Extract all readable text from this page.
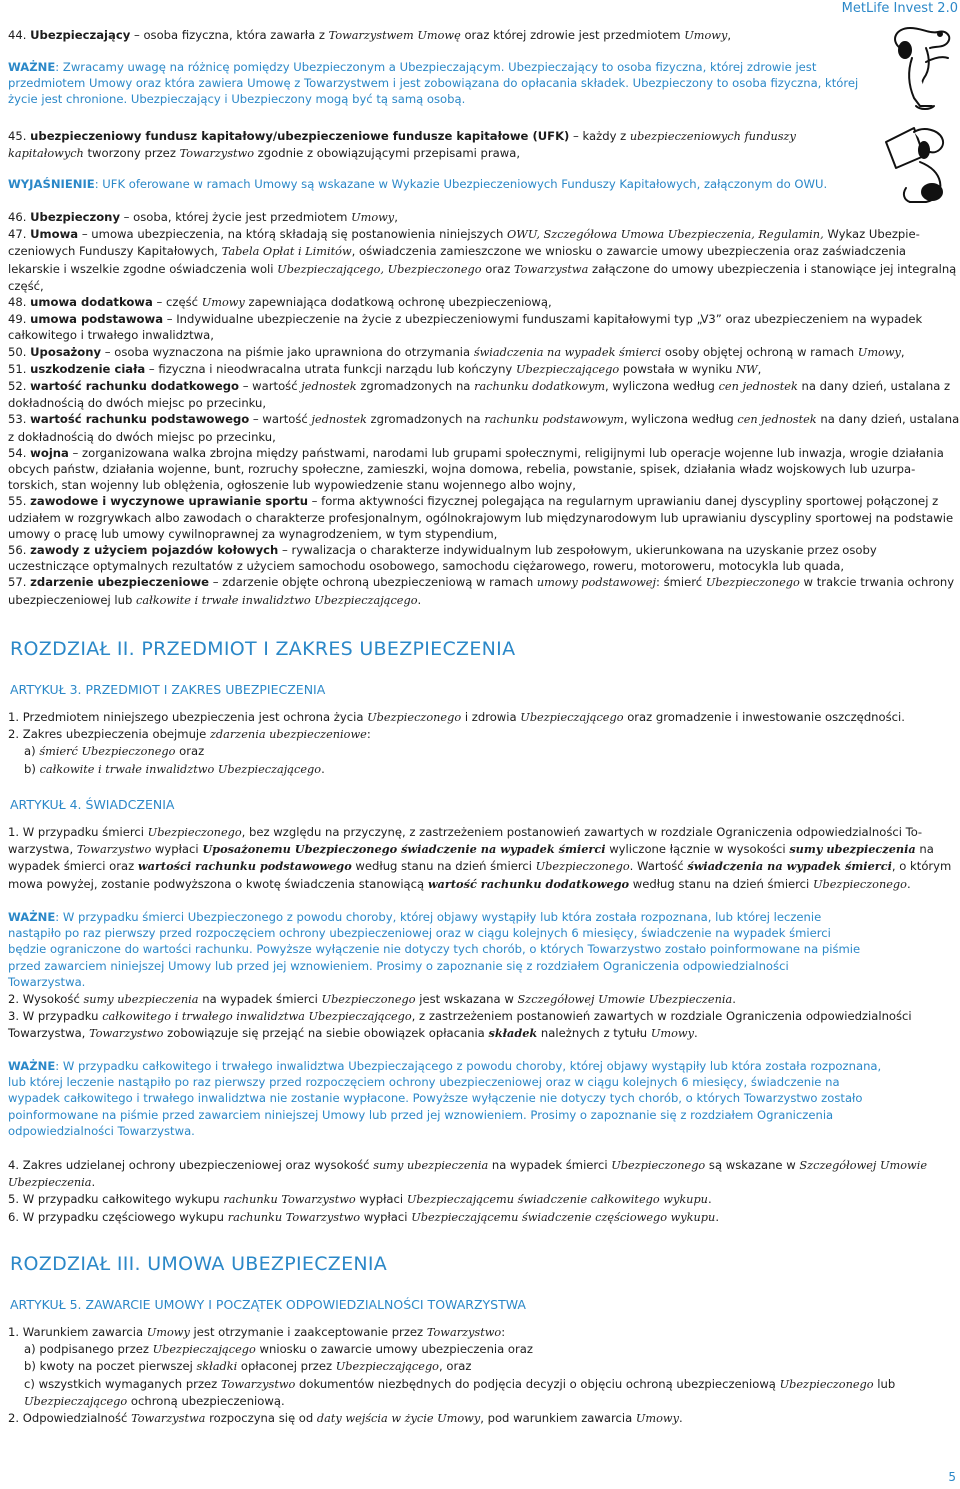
MetLife Invest 2.0
44. Ubezpieczający – osoba fizyczna, która zawarła z Towarzystwem Umowę oraz której zdrowie jest przedmiotem Umowy,
WAŻNE: Zwracamy uwagę na różnicę pomiędzy Ubezpieczonym a Ubezpieczającym. Ubezpieczający to osoba fizyczna, której zdrowie jest przedmiotem Umowy oraz która zawiera Umowę z Towarzystwem i jest zobowiązana do opłacania składek. Ubezpieczony to osoba fizyczna, której życie jest chronione. Ubezpieczający i Ubezpieczony mogą być tą samą osobą.
45. ubezpieczeniowy fundusz kapitałowy/ubezpieczeniowe fundusze kapitałowe (UFK) – każdy z ubezpieczeniowych funduszy kapitałowych tworzony przez Towarzystwo zgodnie z obowiązującymi przepisami prawa,
WYJAŚNIENIE: UFK oferowane w ramach Umowy są wskazane w Wykazie Ubezpieczeniowych Funduszy Kapitałowych, załączonym do OWU.

46. Ubezpieczony – osoba, której życie jest przedmiotem Umowy,

47. Umowa – umowa ubezpieczenia, na którą składają się postanowienia niniejszych OWU, Szczegółowa Umowa Ubezpieczenia, Regulamin, Wykaz Ubezpieczeniowych Funduszy Kapitałowych, Tabela Opłat i Limitów, oświadczenia zamieszczone we wniosku o zawarcie umowy ubezpieczenia oraz zaświadczenia lekarskie i wszelkie zgodne oświadczenia woli Ubezpieczającego, Ubezpieczonego oraz Towarzystwa załączone do umowy ubezpieczenia i stanowiące jej integralną część,

48. umowa dodatkowa – część Umowy zapewniająca dodatkową ochronę ubezpieczeniową,

49. umowa podstawowa – Indywidualne ubezpieczenie na życie z ubezpieczeniowymi funduszami kapitałowymi typ „V3” oraz ubezpieczeniem na wypadek całkowitego i trwałego inwalidztwa,

50. Uposażony – osoba wyznaczona na piśmie jako uprawniona do otrzymania świadczenia na wypadek śmierci osoby objętej ochroną w ramach Umowy,

51. uszkodzenie ciała – fizyczna i nieodwracalna utrata funkcji narządu lub kończyny Ubezpieczającego powstała w wyniku NW,

52. wartość rachunku dodatkowego – wartość jednostek zgromadzonych na rachunku dodatkowym, wyliczona według cen jednostek na dany dzień, ustalana z dokładnością do dwóch miejsc po przecinku,

53. wartość rachunku podstawowego – wartość jednostek zgromadzonych na rachunku podstawowym, wyliczona według cen jednostek na dany dzień, ustalana z dokładnością do dwóch miejsc po przecinku,

54. wojna – zorganizowana walka zbrojna między państwami, narodami lub grupami społecznymi, religijnymi lub operacje wojenne lub inwazja, wrogie działania obcych państw, działania wojenne, bunt, rozruchy społeczne, zamieszki, wojna domowa, rebelia, powstanie, spisek, działania władz wojskowych lub uzurpatorskich, stan wojenny lub oblężenia, ogłoszenie lub wypowiedzenie stanu wojennego albo wojny,

55. zawodowe i wyczynowe uprawianie sportu – forma aktywności fizycznej polegająca na regularnym uprawianiu danej dyscypliny sportowej połączonej z udziałem w rozgrywkach albo zawodach o charakterze profesjonalnym, ogólnokrajowym lub międzynarodowym lub uprawianiu dyscypliny sportowej na podstawie umowy o pracę lub umowy cywilnoprawnej za wynagrodzeniem, w tym stypendium,

56. zawody z użyciem pojazdów kołowych – rywalizacja o charakterze indywidualnym lub zespołowym, ukierunkowana na uzyskanie przez osoby uczestniczące optymalnych rezultatów z użyciem samochodu osobowego, samochodu ciężarowego, roweru, motoroweru, motocykla lub quada,

57. zdarzenie ubezpieczeniowe – zdarzenie objęte ochroną ubezpieczeniową w ramach umowy podstawowej: śmierć Ubezpieczonego w trakcie trwania ochrony ubezpieczeniowej lub całkowite i trwałe inwalidztwo Ubezpieczającego.

ROZDZIAŁ II. PRZEDMIOT I ZAKRES UBEZPIECZENIA
ARTYKUŁ 3. PRZEDMIOT I ZAKRES UBEZPIECZENIA

1. Przedmiotem niniejszego ubezpieczenia jest ochrona życia Ubezpieczonego i zdrowia Ubezpieczającego oraz gromadzenie i inwestowanie oszczędności.

2. Zakres ubezpieczenia obejmuje zdarzenia ubezpieczeniowe:

a) śmierć Ubezpieczonego oraz

b) całkowite i trwałe inwalidztwo Ubezpieczającego.

ARTYKUŁ 4. ŚWIADCZENIA

1. W przypadku śmierci Ubezpieczonego, bez względu na przyczynę, z zastrzeżeniem postanowień zawartych w rozdziale Ograniczenia odpowiedzialności Towarzystwa, Towarzystwo wypłaci Uposażonemu Ubezpieczonego świadczenie na wypadek śmierci wyliczone łącznie w wysokości sumy ubezpieczenia na wypadek śmierci oraz wartości rachunku podstawowego według stanu na dzień śmierci Ubezpieczonego. Wartość świadczenia na wypadek śmierci, o którym mowa powyżej, zostanie podwyższona o kwotę świadczenia stanowiącą wartość rachunku dodatkowego według stanu na dzień śmierci Ubezpieczonego.

WAŻNE: W przypadku śmierci Ubezpieczonego z powodu choroby, której objawy wystąpiły lub która została rozpoznana, lub której leczenie nastąpiło po raz pierwszy przed rozpoczęciem ochrony ubezpieczeniowej oraz w ciągu kolejnych 6 miesięcy, świadczenie na wypadek śmierci będzie ograniczone do wartości rachunku. Powyższe wyłączenie nie dotyczy tych chorób, o których Towarzystwo zostało poinformowane na piśmie przed zawarciem niniejszej Umowy lub przed jej wznowieniem. Prosimy o zapoznanie się z rozdziałem Ograniczenia odpowiedzialności Towarzystwa.

2. Wysokość sumy ubezpieczenia na wypadek śmierci Ubezpieczonego jest wskazana w Szczegółowej Umowie Ubezpieczenia.

3. W przypadku całkowitego i trwałego inwalidztwa Ubezpieczającego, z zastrzeżeniem postanowień zawartych w rozdziale Ograniczenia odpowiedzialności Towarzystwa, Towarzystwo zobowiązuje się przejąć na siebie obowiązek opłacania składek należnych z tytułu Umowy.

WAŻNE: W przypadku całkowitego i trwałego inwalidztwa Ubezpieczającego z powodu choroby, której objawy wystąpiły lub która została rozpoznana, lub której leczenie nastąpiło po raz pierwszy przed rozpoczęciem ochrony ubezpieczeniowej oraz w ciągu kolejnych 6 miesięcy, świadczenie na wypadek całkowitego i trwałego inwalidztwa nie zostanie wypłacone. Powyższe wyłączenie nie dotyczy tych chorób, o których Towarzystwo zostało poinformowane na piśmie przed zawarciem niniejszej Umowy lub przed jej wznowieniem. Prosimy o zapoznanie się z rozdziałem Ograniczenia odpowiedzialności Towarzystwa.

4. Zakres udzielanej ochrony ubezpieczeniowej oraz wysokość sumy ubezpieczenia na wypadek śmierci Ubezpieczonego są wskazane w Szczegółowej Umowie Ubezpieczenia.

5. W przypadku całkowitego wykupu rachunku Towarzystwo wypłaci Ubezpieczającemu świadczenie całkowitego wykupu.

6. W przypadku częściowego wykupu rachunku Towarzystwo wypłaci Ubezpieczającemu świadczenie częściowego wykupu.

ROZDZIAŁ III. UMOWA UBEZPIECZENIA
ARTYKUŁ 5. ZAWARCIE UMOWY I POCZĄTEK ODPOWIEDZIALNOŚCI TOWARZYSTWA

1. Warunkiem zawarcia Umowy jest otrzymanie i zaakceptowanie przez Towarzystwo:

a) podpisanego przez Ubezpieczającego wniosku o zawarcie umowy ubezpieczenia oraz

b) kwoty na poczet pierwszej składki opłaconej przez Ubezpieczającego, oraz

c) wszystkich wymaganych przez Towarzystwo dokumentów niezbędnych do podjęcia decyzji o objęciu ochroną ubezpieczeniową Ubezpieczonego lub Ubezpieczającego ochroną ubezpieczeniową.

2. Odpowiedzialność Towarzystwa rozpoczyna się od daty wejścia w życie Umowy, pod warunkiem zawarcia Umowy.

5
